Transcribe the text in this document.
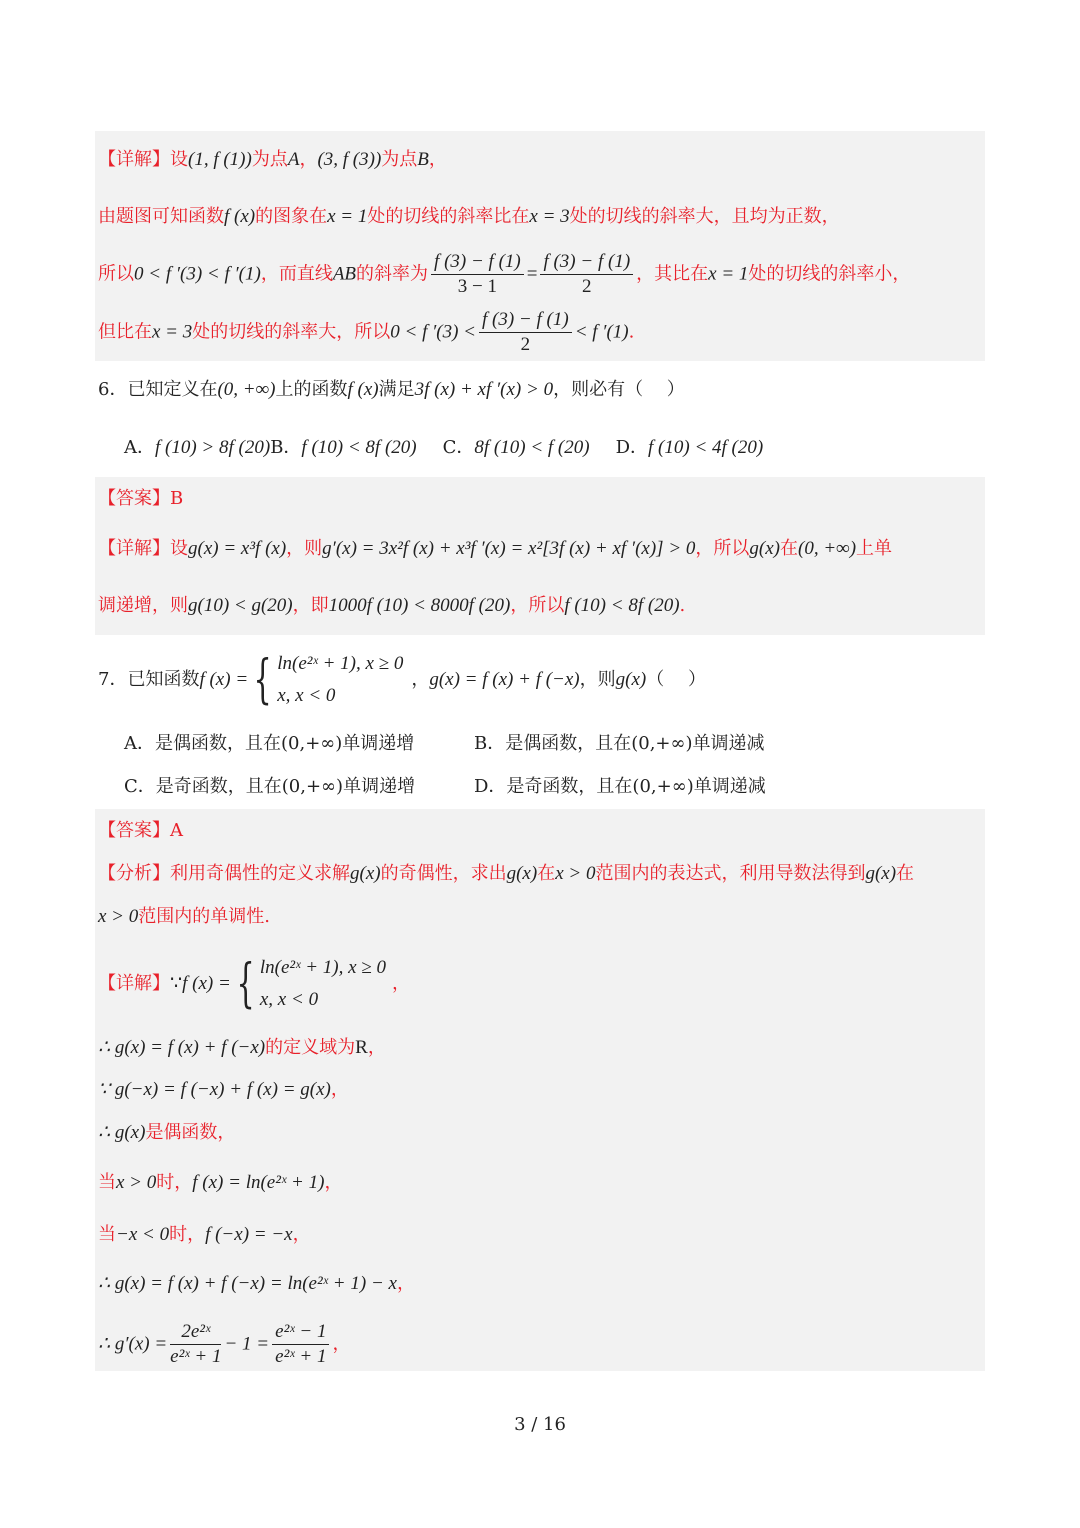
【详解】设(1, f (1))为点A，(3, f (3))为点B，
由题图可知函数f (x)的图象在x = 1处的切线的斜率比在x = 3处的切线的斜率大，且均为正数，
所以0 < f ′(3) < f ′(1)，而直线AB的斜率为 $\frac{f (3) - f (1)}{3 - 1} = \frac{f (3) - f (1)}{2}$ ，其比在x = 1处的切线的斜率小，
但比在x = 3处的切线的斜率大，所以0 < f $'(3) < \frac{f (3) - f (1)}{2} < f$ ′(1).
6．已知定义在(0, +∞)上的函数f (x)满足3f (x) + xf ′(x) > 0，则必有（　 ）
A．f (10) > 8f (20)B．f (10) < 8f (20) C．8f (10) < f (20) D．f (10) < 4f (20)
【答案】B
【详解】设g(x) = x³f (x)，则g′(x) = 3x²f (x) + x³f ′(x) = x²[3f (x) + xf ′(x)] > 0，所以g(x)在(0, +∞)上单
调递增，则g(10) < g(20)，即1000f (10) < 8000f (20)，所以f (10) < 8f (20).
7．已知函数f (x) = { ln(e²ˣ + 1), x ≥ 0
x, x < 0
，g(x) = f (x) + f (−x)，则g(x)（　 ）
A．是偶函数，且在(0,+∞)单调递增	B．是偶函数，且在(0,+∞)单调递减
C．是奇函数，且在(0,+∞)单调递增	D．是奇函数，且在(0,+∞)单调递减
【答案】A
【分析】利用奇偶性的定义求解g(x)的奇偶性，求出g(x)在x > 0范围内的表达式，利用导数法得到g(x)在
x > 0范围内的单调性.
【详解】∵f (x) = { ln(e²ˣ + 1), x ≥ 0
x, x < 0
，
∴ g(x) = f (x) + f (−x)的定义域为R，
∵ g(−x) = f (−x) + f (x) = g(x)，
∴ g(x)是偶函数，
当x > 0时，f (x) = ln(e²ˣ + 1)，
当−x < 0时，f (−x) = −x，
∴ g(x) = f (x) + f (−x) = ln(e²ˣ + 1) − x，
∴ $g'(x) = \frac{\text{2e²ˣ}}{\text{e²ˣ + 1}} - 1 = \frac{\text{e²ˣ − 1}}{\text{e²ˣ + 1}}$ ，
3 / 16
